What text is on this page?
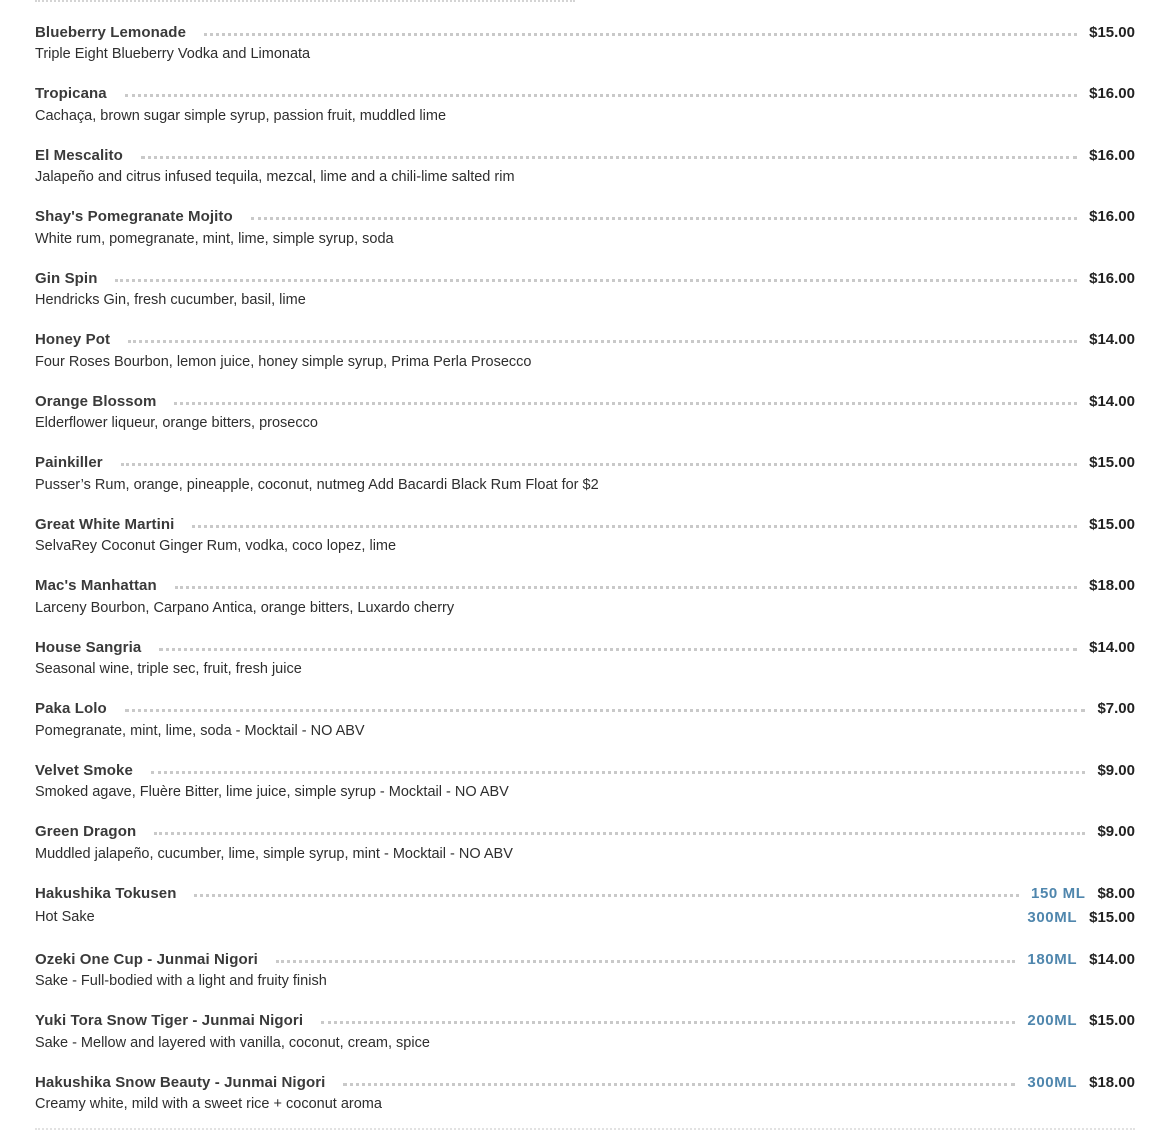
Blueberry Lemonade	$15.00
Triple Eight Blueberry Vodka and Limonata
Tropicana	$16.00
Cachaça, brown sugar simple syrup, passion fruit, muddled lime
El Mescalito	$16.00
Jalapeño and citrus infused tequila, mezcal, lime and a chili-lime salted rim
Shay's Pomegranate Mojito	$16.00
White rum, pomegranate, mint, lime, simple syrup, soda
Gin Spin	$16.00
Hendricks Gin, fresh cucumber, basil, lime
Honey Pot	$14.00
Four Roses Bourbon, lemon juice, honey simple syrup, Prima Perla Prosecco
Orange Blossom	$14.00
Elderflower liqueur, orange bitters, prosecco
Painkiller	$15.00
Pusser’s Rum, orange, pineapple, coconut, nutmeg Add Bacardi Black Rum Float for $2
Great White Martini	$15.00
SelvaRey Coconut Ginger Rum, vodka, coco lopez, lime
Mac's Manhattan	$18.00
Larceny Bourbon, Carpano Antica, orange bitters, Luxardo cherry
House Sangria	$14.00
Seasonal wine, triple sec, fruit, fresh juice
Paka Lolo	$7.00
Pomegranate, mint, lime, soda - Mocktail - NO ABV
Velvet Smoke	$9.00
Smoked agave, Fluère Bitter, lime juice, simple syrup - Mocktail - NO ABV
Green Dragon	$9.00
Muddled jalapeño, cucumber, lime, simple syrup, mint - Mocktail - NO ABV
Hakushika Tokusen	150 ML $8.00
Hot Sake	300ML $15.00
Ozeki One Cup - Junmai Nigori	180ML $14.00
Sake - Full-bodied with a light and fruity finish
Yuki Tora Snow Tiger - Junmai Nigori	200ML $15.00
Sake - Mellow and layered with vanilla, coconut, cream, spice
Hakushika Snow Beauty - Junmai Nigori	300ML $18.00
Creamy white, mild with a sweet rice + coconut aroma
